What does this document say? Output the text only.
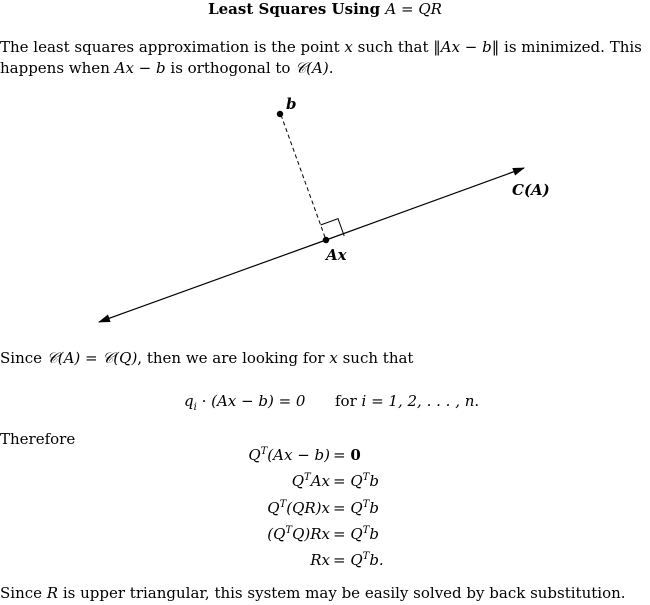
Least Squares Using A = QR
The least squares approximation is the point x such that ‖Ax − b‖ is minimized. This
happens when Ax − b is orthogonal to 𝒞(A).
b
C(A)
Ax
Since 𝒞(A) = 𝒞(Q), then we are looking for x such that
$q_i \cdot (Ax - b) = 0$ for i = 1, 2, . . . , n.
Therefore
$Q^T(Ax - b) = 0$
$Q^TAx = Q^Tb$
$Q^T(QR)x = Q^Tb$
$(Q^TQ)Rx = Q^Tb$
$Rx = Q^Tb$.
Since R is upper triangular, this system may be easily solved by back substitution.
